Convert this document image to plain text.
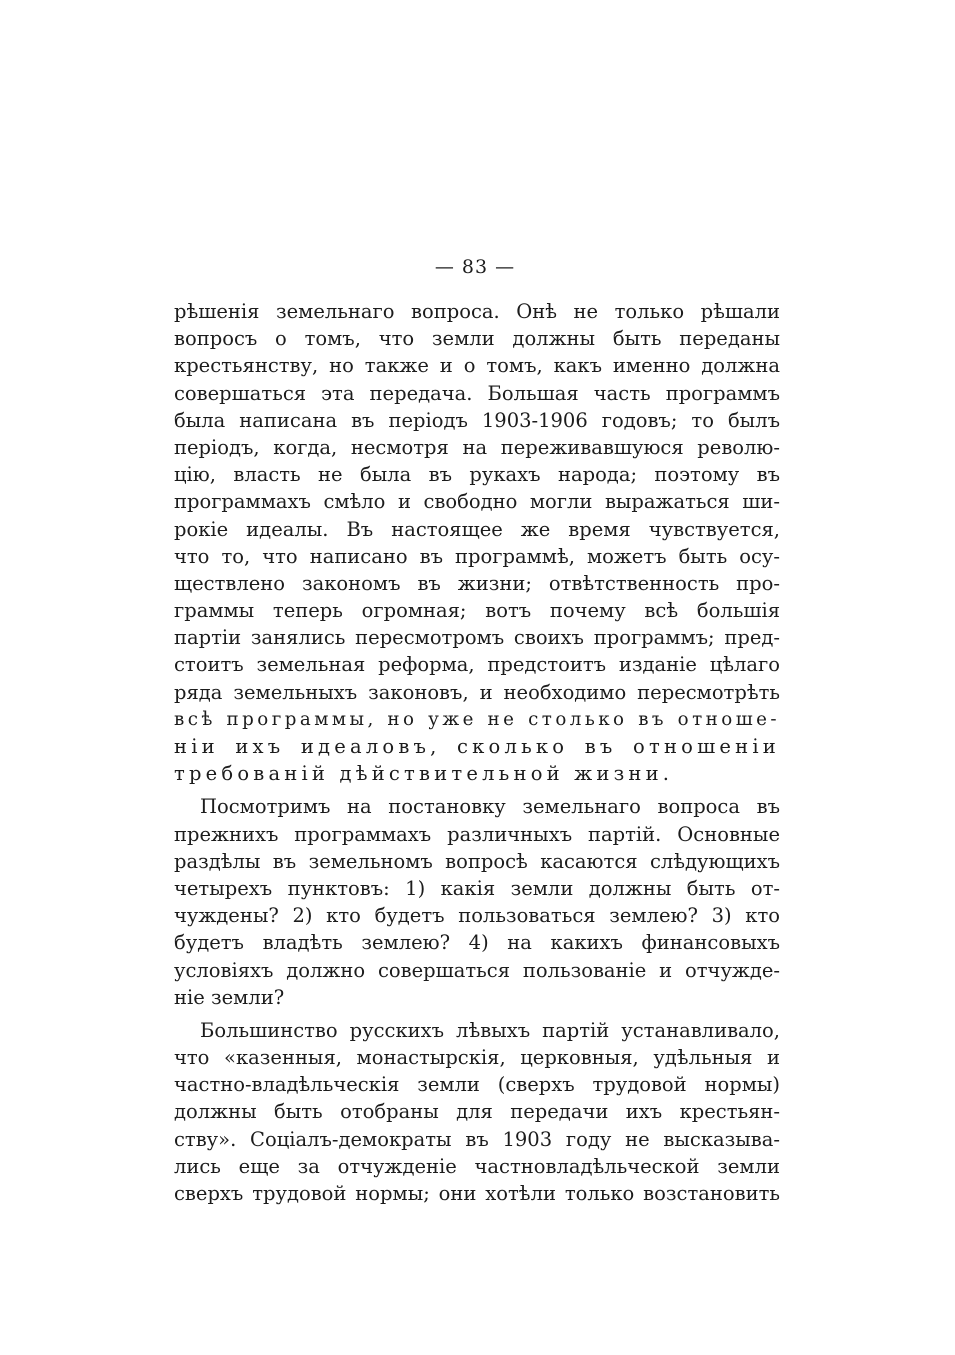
— 83 —
рѣшенія земельнаго вопроса. Онѣ не только рѣшали
вопросъ о томъ, что земли должны быть переданы
крестьянству, но также и о томъ, какъ именно должна
совершаться эта передача. Большая часть программъ
была написана въ періодъ 1903-1906 годовъ; то былъ
періодъ, когда, несмотря на переживавшуюся револю-
цію, власть не была въ рукахъ народа; поэтому въ
программахъ смѣло и свободно могли выражаться ши-
рокіе идеалы. Въ настоящее же время чувствуется,
что то, что написано въ программѣ, можетъ быть осу-
ществлено закономъ въ жизни; отвѣтственность про-
граммы теперь огромная; вотъ почему всѣ большія
партіи занялись пересмотромъ своихъ программъ; пред-
стоитъ земельная реформа, предстоитъ изданіе цѣлаго
ряда земельныхъ законовъ, и необходимо пересмотрѣть
всѣ программы, но уже не столько въ отноше-
ніи ихъ идеаловъ, сколько въ отношеніи
требованій дѣйствительной жизни.
Посмотримъ на постановку земельнаго вопроса въ
прежнихъ программахъ различныхъ партій. Основные
раздѣлы въ земельномъ вопросѣ касаются слѣдующихъ
четырехъ пунктовъ: 1) какія земли должны быть от-
чуждены? 2) кто будетъ пользоваться землею? 3) кто
будетъ владѣть землею? 4) на какихъ финансовыхъ
условіяхъ должно совершаться пользованіе и отчужде-
ніе земли?
Большинство русскихъ лѣвыхъ партій устанавливало,
что «казенныя, монастырскія, церковныя, удѣльныя и
частно-владѣльческія земли (сверхъ трудовой нормы)
должны быть отобраны для передачи ихъ крестьян-
ству». Соціалъ-демократы въ 1903 году не высказыва-
лись еще за отчужденіе частновладѣльческой земли
сверхъ трудовой нормы; они хотѣли только возстановить
